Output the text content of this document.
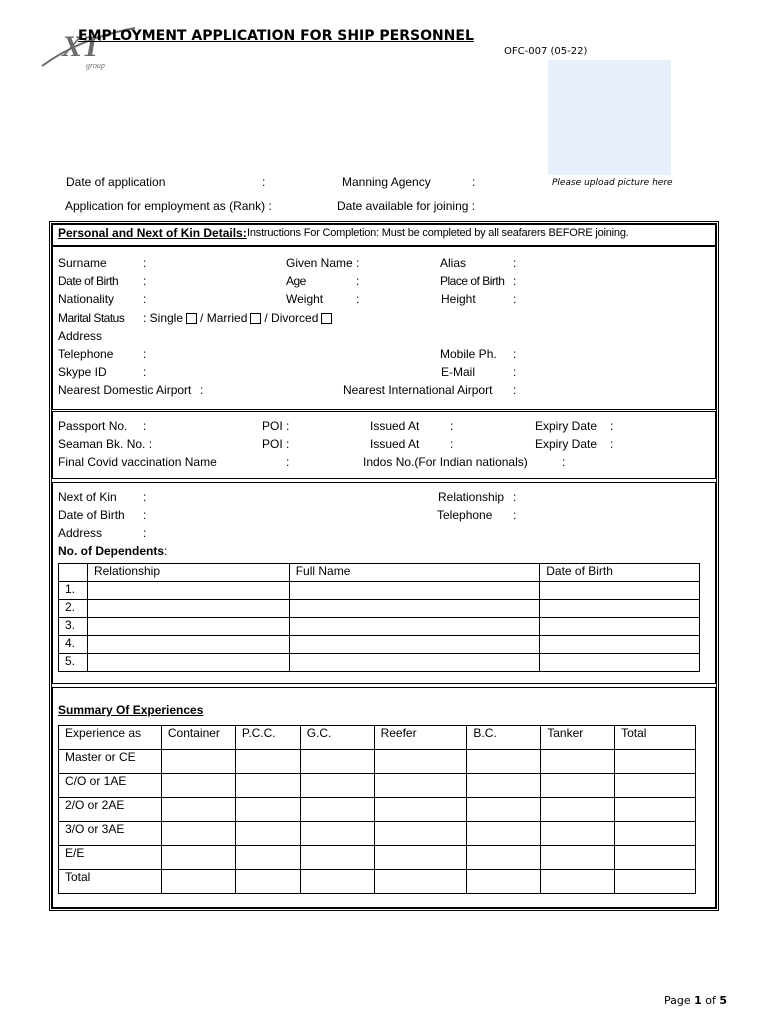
XT
group
EMPLOYMENT APPLICATION FOR SHIP PERSONNEL
OFC-007 (05-22)
Please upload picture here
Date of application	:	Manning Agency	:
Application for employment as (Rank) :	Date available for joining :
Personal and Next of Kin Details: Instructions For Completion: Must be completed by all seafarers BEFORE joining.
Surname	:	Given Name :	Alias	:
Date of Birth :	Age	:	Place of Birth :
Nationality :	Weight	:	Height	:
Marital Status : Single / Married / Divorced
Address
Telephone :	Mobile Ph. :
Skype ID	:	E-Mail	:
Nearest Domestic Airport :	Nearest International Airport :
Passport No. :	POI :	Issued At	:	Expiry Date :
Seaman Bk. No. :	POI :	Issued At	:	Expiry Date :
Final Covid vaccination Name	:	Indos No.(For Indian nationals)	:
Next of Kin :	Relationship :
Date of Birth :	Telephone :
Address	:
No. of Dependents:
	Relationship	Full Name	Date of Birth
1.			
2.			
3.			
4.			
5.			
Summary Of Experiences
Experience as	Container	P.C.C.	G.C.	Reefer	B.C.	Tanker	Total
Master or CE							
C/O or 1AE							
2/O or 2AE							
3/O or 3AE							
E/E							
Total							
Page 1 of 5
